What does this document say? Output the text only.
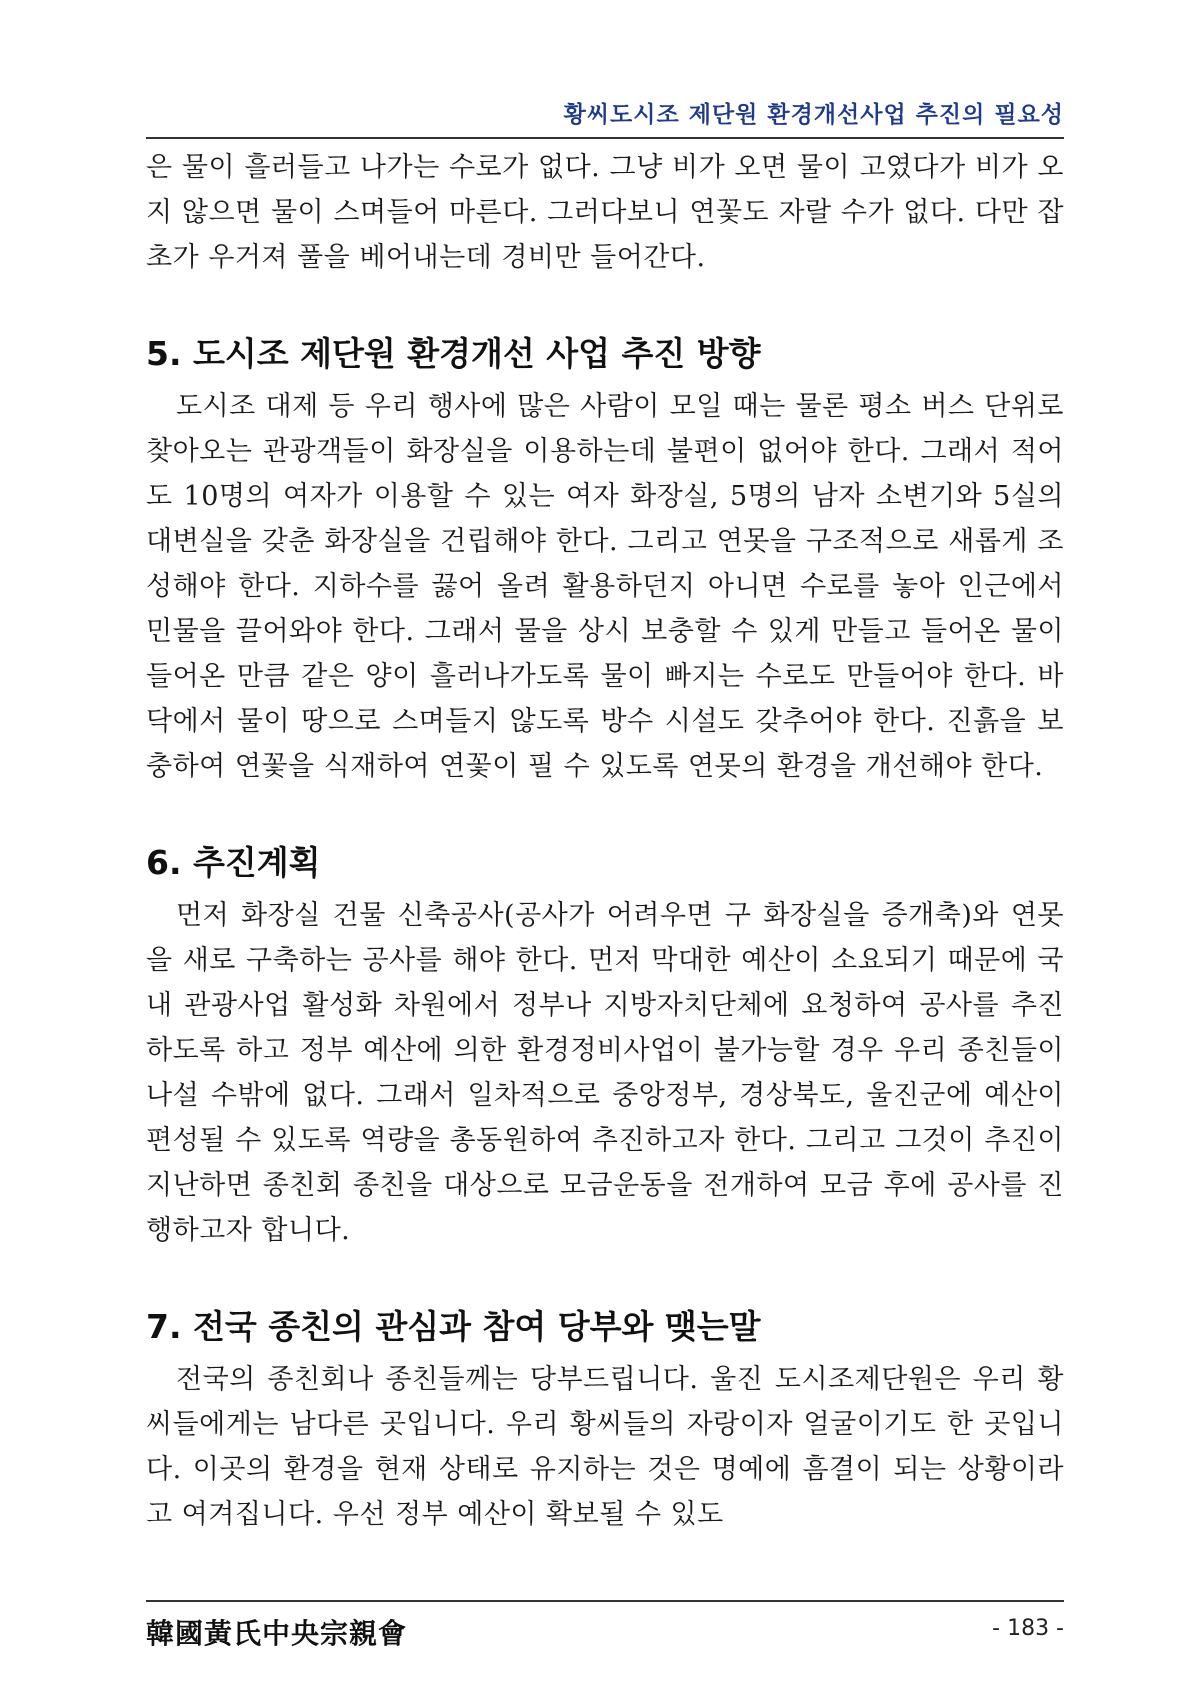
황씨도시조 제단원 환경개선사업 추진의 필요성

은 물이 흘러들고 나가는 수로가 없다. 그냥 비가 오면 물이 고였다가 비가 오지 않으면 물이 스며들어 마른다. 그러다보니 연꽃도 자랄 수가 없다. 다만 잡초가 우거져 풀을 베어내는데 경비만 들어간다.

5. 도시조 제단원 환경개선 사업 추진 방향

도시조 대제 등 우리 행사에 많은 사람이 모일 때는 물론 평소 버스 단위로 찾아오는 관광객들이 화장실을 이용하는데 불편이 없어야 한다. 그래서 적어도 10명의 여자가 이용할 수 있는 여자 화장실, 5명의 남자 소변기와 5실의 대변실을 갖춘 화장실을 건립해야 한다. 그리고 연못을 구조적으로 새롭게 조성해야 한다. 지하수를 끓어 올려 활용하던지 아니면 수로를 놓아 인근에서 민물을 끌어와야 한다. 그래서 물을 상시 보충할 수 있게 만들고 들어온 물이 들어온 만큼 같은 양이 흘러나가도록 물이 빠지는 수로도 만들어야 한다. 바닥에서 물이 땅으로 스며들지 않도록 방수 시설도 갖추어야 한다. 진흙을 보충하여 연꽃을 식재하여 연꽃이 필 수 있도록 연못의 환경을 개선해야 한다.

6. 추진계획

먼저 화장실 건물 신축공사(공사가 어려우면 구 화장실을 증개축)와 연못을 새로 구축하는 공사를 해야 한다. 먼저 막대한 예산이 소요되기 때문에 국내 관광사업 활성화 차원에서 정부나 지방자치단체에 요청하여 공사를 추진하도록 하고 정부 예산에 의한 환경정비사업이 불가능할 경우 우리 종친들이 나설 수밖에 없다. 그래서 일차적으로 중앙정부, 경상북도, 울진군에 예산이 편성될 수 있도록 역량을 총동원하여 추진하고자 한다. 그리고 그것이 추진이 지난하면 종친회 종친을 대상으로 모금운동을 전개하여 모금 후에 공사를 진행하고자 합니다.

7. 전국 종친의 관심과 참여 당부와 맺는말

전국의 종친회나 종친들께는 당부드립니다. 울진 도시조제단원은 우리 황씨들에게는 남다른 곳입니다. 우리 황씨들의 자랑이자 얼굴이기도 한 곳입니다. 이곳의 환경을 현재 상태로 유지하는 것은 명예에 흠결이 되는 상황이라고 여겨집니다. 우선 정부 예산이 확보될 수 있도

韓國黃氏中央宗親會	- 183 -
